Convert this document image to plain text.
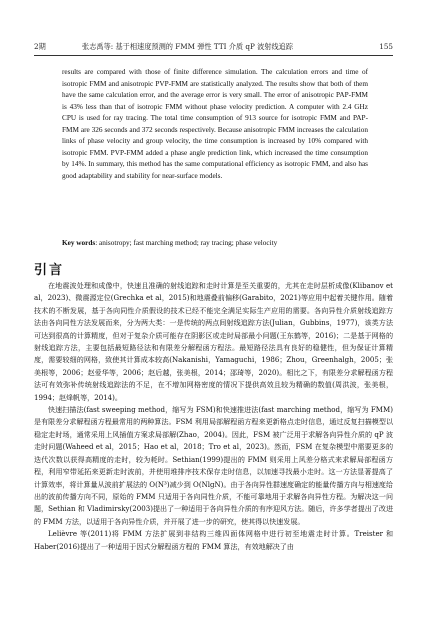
2期	张志禹等: 基于相速度预测的 FMM 弹性 TTI 介质 qP 波射线追踪	155
results are compared with those of finite difference simulation. The calculation errors and time of isotropic FMM and anisotropic PVP-FMM are statistically analyzed. The results show that both of them have the same calculation error, and the average error is very small. The error of anisotropic PAP-FMM is 43% less than that of isotropic FMM without phase velocity prediction. A computer with 2.4 GHz CPU is used for ray tracing. The total time consumption of 913 source for isotropic FMM and PAP-FMM are 326 seconds and 372 seconds respectively. Because anisotropic FMM increases the calculation links of phase velocity and group velocity, the time consumption is increased by 10% compared with isotropic FMM. PVP-FMM added a phase angle prediction link, which increased the time consumption by 14%. In summary, this method has the same computational efficiency as isotropic FMM, and also has good adaptability and stability for near-surface models.
Key words: anisotropy; fast marching method; ray tracing; phase velocity
引言

在地震波处理和成像中，快速且准确的射线追踪和走时计算是至关重要的，尤其在走时层析成像(Klibanov et al，2023)、微震源定位(Grechka et al，2015)和地震叠前偏移(Garabito，2021)等应用中起着关键作用。随着技术的不断发展，基于各向同性介质假设的技术已经不能完全满足实际生产应用的需要。各向异性介质射线追踪方法由各向同性方法发展而来，分为两大类：一是传统的两点间射线追踪方法(Julian，Gubbins，1977)，该类方法可达到很高的计算精度，但对于复杂介质可能存在阴影区或走时局部最小问题(王东鹤等，2016)；二是基于网格的射线追踪方法，主要包括最短路径法和有限差分解程函方程法。最短路径法具有良好的稳健性，但为保证计算精度，需要较细的网格，致使其计算成本较高(Nakanishi，Yamaguchi，1986；Zhou，Greenhalgh，2005；张美根等，2006；赵爱华等，2006；赵后越，张美根，2014；邵琦等，2020)。相比之下，有限差分求解程函方程法可有效弥补传统射线追踪法的不足，在不增加网格密度的情况下提供高效且较为精确的数值(周洪波，张美根，1994；赵烽帆等，2014)。

快速扫描法(fast sweeping method，缩写为 FSM)和快速推进法(fast marching method，缩写为 FMM)是有限差分求解程函方程最常用的两种算法。FSM 利用局部解程函方程来更新格点走时信息，通过反复扫描模型以稳定走时场，通常采用上风插值方案求局部解(Zhao，2004)。因此，FSM 被广泛用于求解各向异性介质的 qP 波走时问题(Waheed et al，2015；Hao et al，2018；Tro et al，2023)。然而，FSM 在复杂模型中需要更多的迭代次数以获得高精度的走时，较为耗时。Sethian(1999)提出的 FMM 则采用上风差分格式来求解局部程函方程，利用窄带延拓来更新走时波前，并使用堆排序技术保存走时信息，以加速寻找最小走时。这一方法显著提高了计算效率，将计算量从波前扩展法的 O(N³)减少到 O(NlgN)。由于各向异性群速度确定的能量传播方向与相速度给出的波前传播方向不同，原始的 FMM 只适用于各向同性介质，不能可靠地用于求解各向异性方程。为解决这一问题，Sethian 和 Vladimirsky(2003)提出了一种适用于各向异性介质的有序迎风方法。随后，许多学者提出了改进的 FMM 方法，以适用于各向异性介质，并开展了进一步的研究，使其得以快速发展。

Lelièvre 等(2011)将 FMM 方法扩展到非结构三维四面体网格中进行初至地震走时计算。Treister 和 Haber(2016)提出了一种适用于因式分解程函方程的 FMM 算法，有效地解决了由
